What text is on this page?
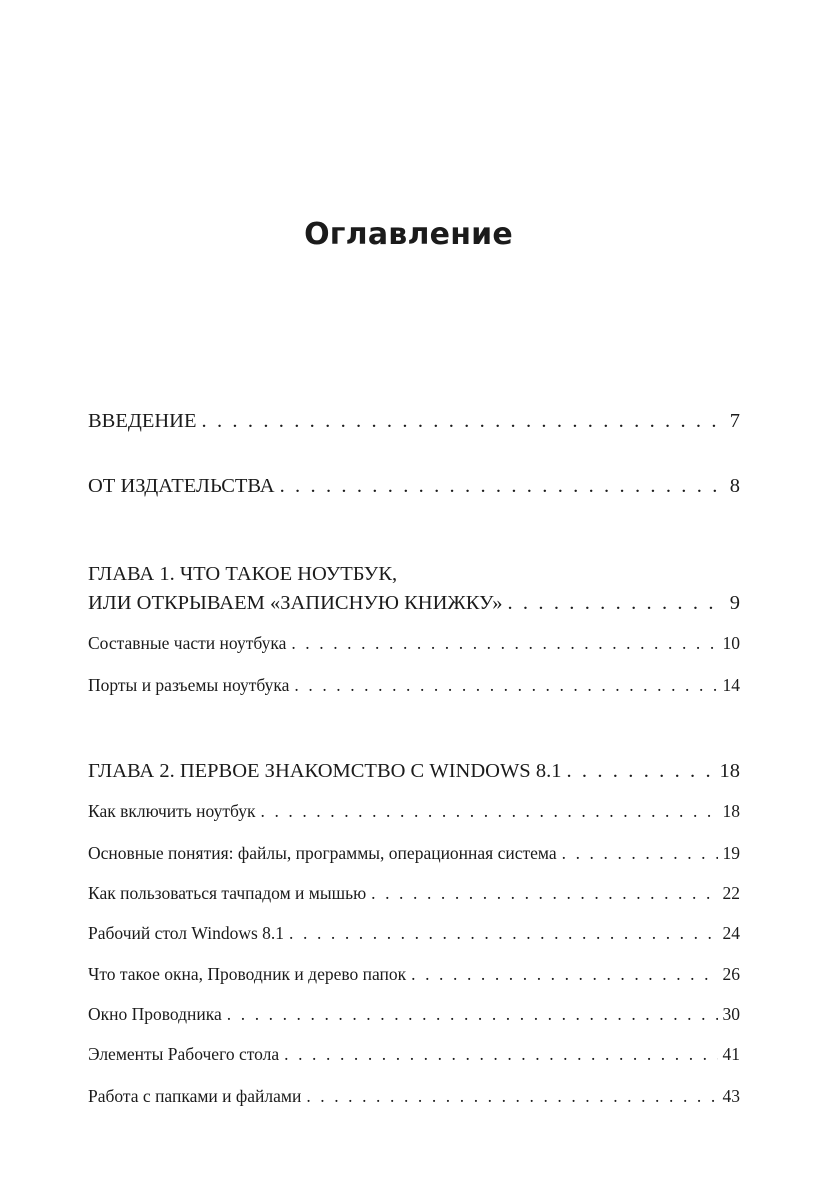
Оглавление
ВВЕДЕНИЕ . . .	7
ОТ ИЗДАТЕЛЬСТВА . . .	8
ГЛАВА 1. ЧТО ТАКОЕ НОУТБУК,
ИЛИ ОТКРЫВАЕМ «ЗАПИСНУЮ КНИЖКУ» . . .	9
Составные части ноутбука . . .	10
Порты и разъемы ноутбука . . .	14
ГЛАВА 2. ПЕРВОЕ ЗНАКОМСТВО С WINDOWS 8.1 . . .	18
Как включить ноутбук . . .	18
Основные понятия: файлы, программы, операционная система . . .	19
Как пользоваться тачпадом и мышью . . .	22
Рабочий стол Windows 8.1 . . .	24
Что такое окна, Проводник и дерево папок . . .	26
Окно Проводника . . .	30
Элементы Рабочего стола . . .	41
Работа с папками и файлами . . .	43
